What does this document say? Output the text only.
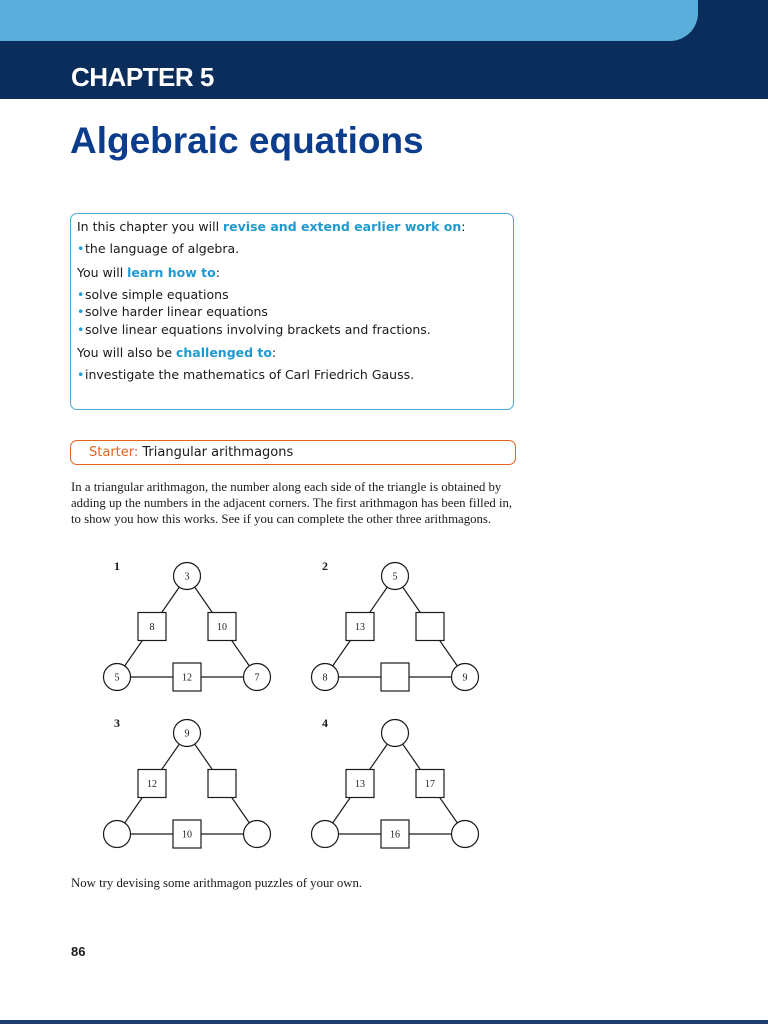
CHAPTER 5
Algebraic equations

In this chapter you will revise and extend earlier work on:

• the language of algebra.

You will learn how to:

• solve simple equations
• solve harder linear equations
• solve linear equations involving brackets and fractions.

You will also be challenged to:

• investigate the mathematics of Carl Friedrich Gauss.
Starter: Triangular arithmagons

In a triangular arithmagon, the number along each side of the triangle is obtained by adding up the numbers in the adjacent corners. The first arithmagon has been filled in, to show you how this works. See if you can complete the other three arithmagons.

1
8	10
12
3
5	7
2
13
5
8	9
3
12
10
9
4
13	17
16

Now try devising some arithmagon puzzles of your own.

86
